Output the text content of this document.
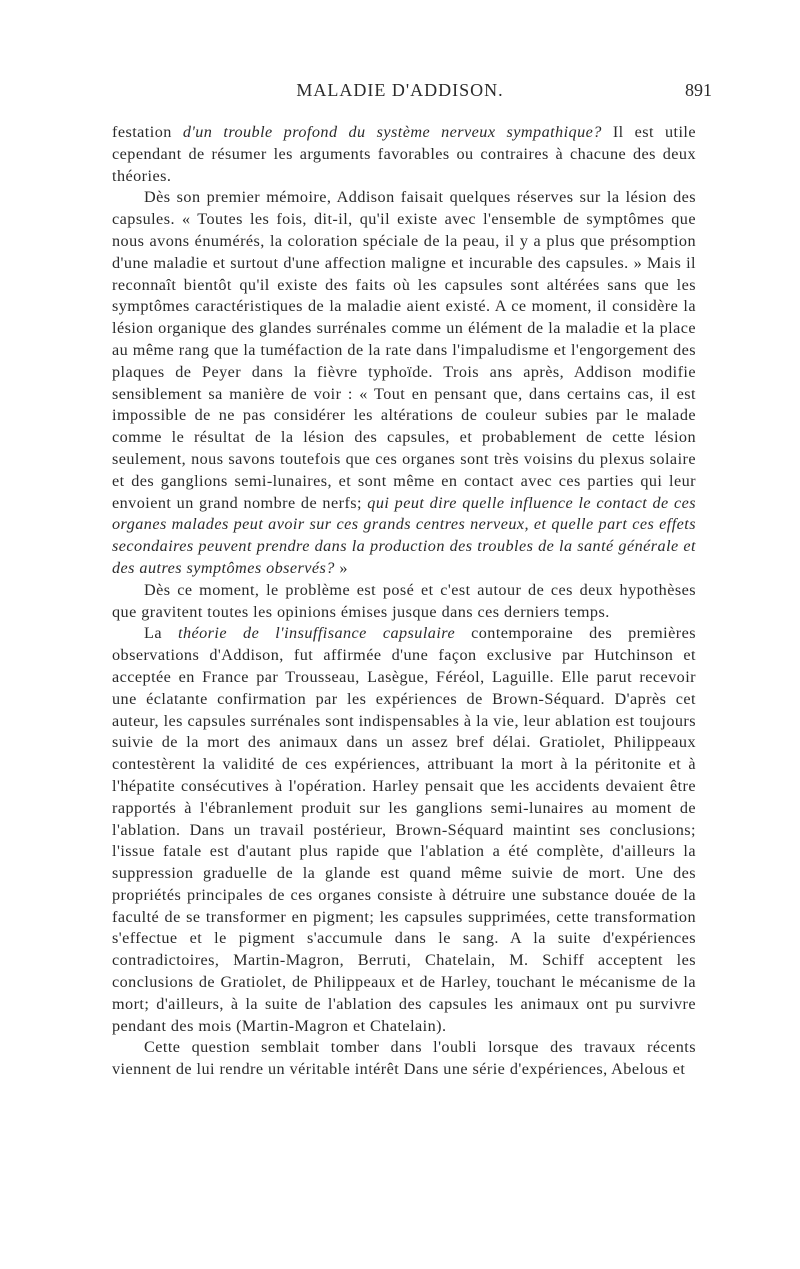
MALADIE D'ADDISON.	891

festation d'un trouble profond du système nerveux sympathique? Il est utile cependant de résumer les arguments favorables ou contraires à chacune des deux théories.

Dès son premier mémoire, Addison faisait quelques réserves sur la lésion des capsules. « Toutes les fois, dit-il, qu'il existe avec l'ensemble de symptômes que nous avons énumérés, la coloration spéciale de la peau, il y a plus que présomption d'une maladie et surtout d'une affection maligne et incurable des capsules. » Mais il reconnaît bientôt qu'il existe des faits où les capsules sont altérées sans que les symptômes caractéristiques de la maladie aient existé. A ce moment, il considère la lésion organique des glandes surrénales comme un élément de la maladie et la place au même rang que la tuméfaction de la rate dans l'impaludisme et l'engorgement des plaques de Peyer dans la fièvre typhoïde. Trois ans après, Addison modifie sensiblement sa manière de voir : « Tout en pensant que, dans certains cas, il est impossible de ne pas considérer les altérations de couleur subies par le malade comme le résultat de la lésion des capsules, et probablement de cette lésion seulement, nous savons toutefois que ces organes sont très voisins du plexus solaire et des ganglions semi-lunaires, et sont même en contact avec ces parties qui leur envoient un grand nombre de nerfs; qui peut dire quelle influence le contact de ces organes malades peut avoir sur ces grands centres nerveux, et quelle part ces effets secondaires peuvent prendre dans la production des troubles de la santé générale et des autres symptômes observés? »

Dès ce moment, le problème est posé et c'est autour de ces deux hypothèses que gravitent toutes les opinions émises jusque dans ces derniers temps.

La théorie de l'insuffisance capsulaire contemporaine des premières observations d'Addison, fut affirmée d'une façon exclusive par Hutchinson et acceptée en France par Trousseau, Lasègue, Féréol, Laguille. Elle parut recevoir une éclatante confirmation par les expériences de Brown-Séquard. D'après cet auteur, les capsules surrénales sont indispensables à la vie, leur ablation est toujours suivie de la mort des animaux dans un assez bref délai. Gratiolet, Philippeaux contestèrent la validité de ces expériences, attribuant la mort à la péritonite et à l'hépatite consécutives à l'opération. Harley pensait que les accidents devaient être rapportés à l'ébranlement produit sur les ganglions semi-lunaires au moment de l'ablation. Dans un travail postérieur, Brown-Séquard maintint ses conclusions; l'issue fatale est d'autant plus rapide que l'ablation a été complète, d'ailleurs la suppression graduelle de la glande est quand même suivie de mort. Une des propriétés principales de ces organes consiste à détruire une substance douée de la faculté de se transformer en pigment; les capsules supprimées, cette transformation s'effectue et le pigment s'accumule dans le sang. A la suite d'expériences contradictoires, Martin-Magron, Berruti, Chatelain, M. Schiff acceptent les conclusions de Gratiolet, de Philippeaux et de Harley, touchant le mécanisme de la mort; d'ailleurs, à la suite de l'ablation des capsules les animaux ont pu survivre pendant des mois (Martin-Magron et Chatelain).

Cette question semblait tomber dans l'oubli lorsque des travaux récents viennent de lui rendre un véritable intérêt Dans une série d'expériences, Abelous et
